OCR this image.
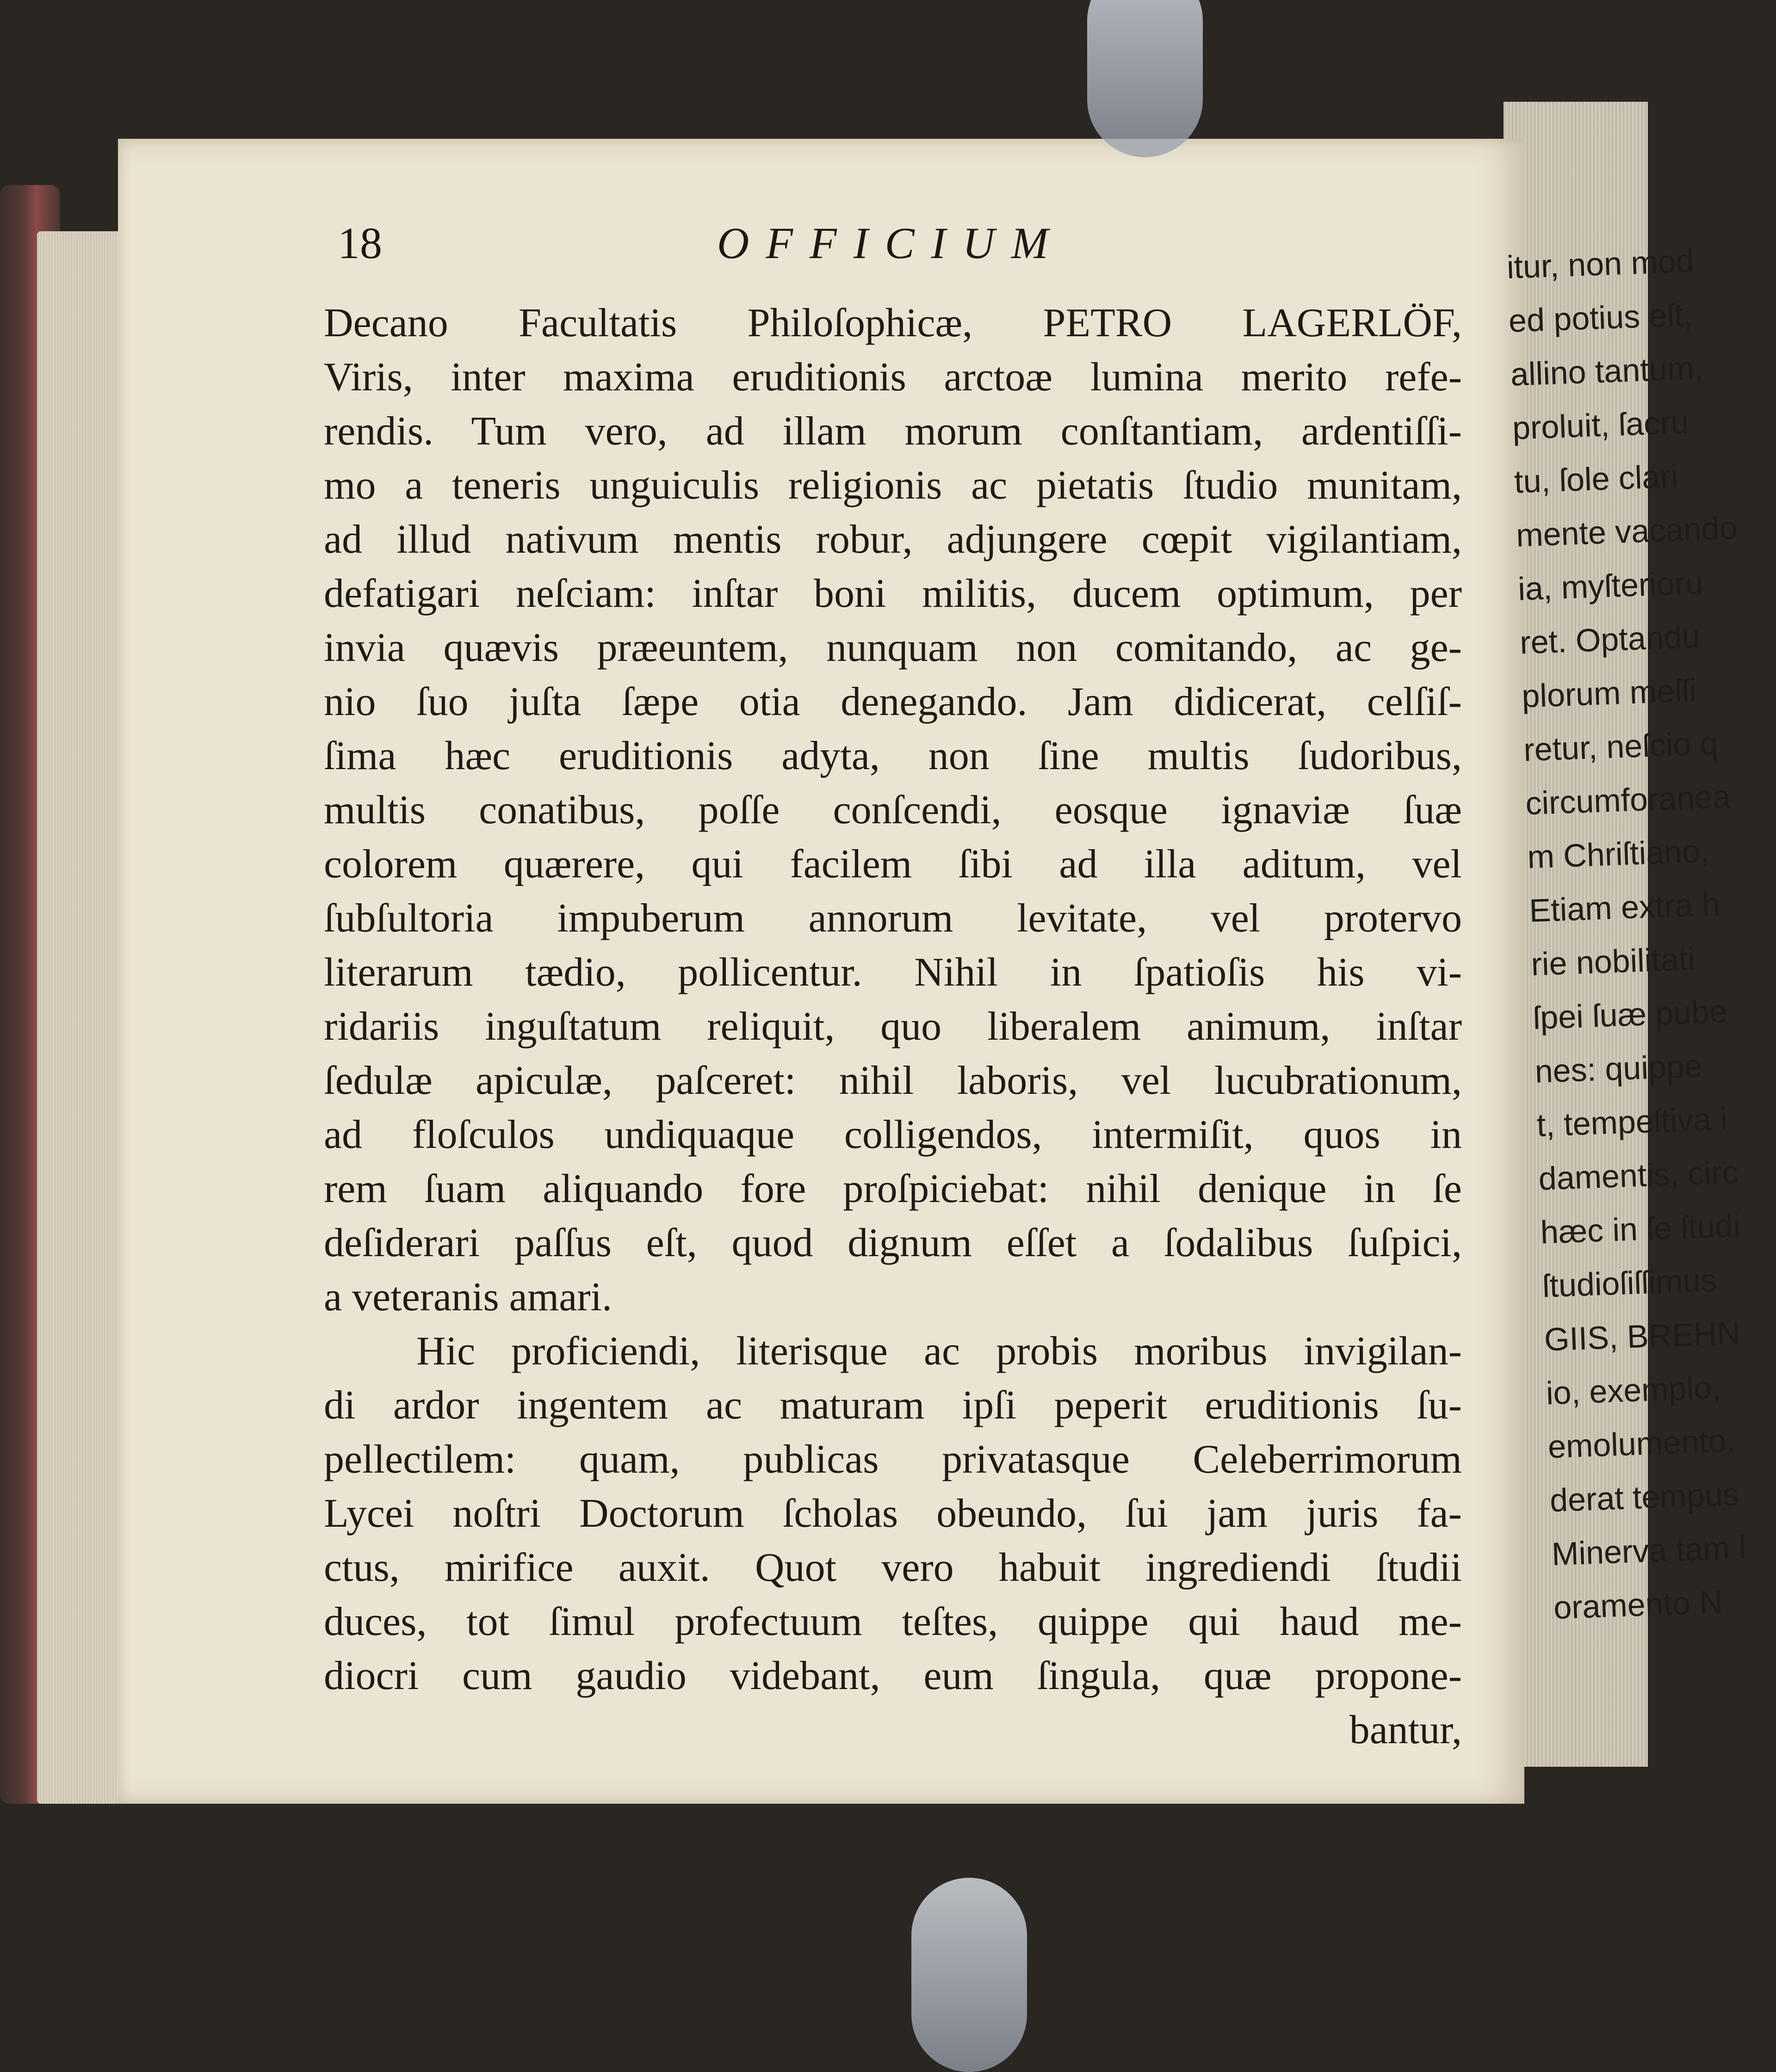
18	OFFICIUM
Decano Facultatis Philoſophicæ, PETRO LAGERLÖF,
Viris, inter maxima eruditionis arctoæ lumina merito refe-
rendis. Tum vero, ad illam morum conſtantiam, ardentiſſi-
mo a teneris unguiculis religionis ac pietatis ſtudio munitam,
ad illud nativum mentis robur, adjungere cœpit vigilantiam,
defatigari neſciam: inſtar boni militis, ducem optimum, per
invia quævis præeuntem, nunquam non comitando, ac ge-
nio ſuo juſta ſæpe otia denegando. Jam didicerat, celſiſ-
ſima hæc eruditionis adyta, non ſine multis ſudoribus,
multis conatibus, poſſe conſcendi, eosque ignaviæ ſuæ
colorem quærere, qui facilem ſibi ad illa aditum, vel
ſubſultoria impuberum annorum levitate, vel protervo
literarum tædio, pollicentur. Nihil in ſpatioſis his vi-
ridariis inguſtatum reliquit, quo liberalem animum, inſtar
ſedulæ apiculæ, paſceret: nihil laboris, vel lucubrationum,
ad floſculos undiquaque colligendos, intermiſit, quos in
rem ſuam aliquando fore proſpiciebat: nihil denique in ſe
deſiderari paſſus eſt, quod dignum eſſet a ſodalibus ſuſpici,
a veteranis amari.
Hic proficiendi, literisque ac probis moribus invigilan-
di ardor ingentem ac maturam ipſi peperit eruditionis ſu-
pellectilem: quam, publicas privatasque Celeberrimorum
Lycei noſtri Doctorum ſcholas obeundo, ſui jam juris fa-
ctus, mirifice auxit. Quot vero habuit ingrediendi ſtudii
duces, tot ſimul profectuum teſtes, quippe qui haud me-
diocri cum gaudio videbant, eum ſingula, quæ propone-
bantur,
itur, non mod
ed potius eſt,
allino tantum,
proluit, ſacru
tu, ſole clari
mente vacando
ia, myſterioru
ret. Optandu
plorum meſſi
retur, neſcio q
circumforanea
m Chriſtiano,
Etiam extra h
rie nobilitati
ſpei ſuæ pube
nes: quippe
t, tempeſtiva i
damentis, circ
hæc in ſe ſtudi
ſtudioſiſſimus
GIIS, BREHN
io, exemplo,
emolumento.
derat tempus
Minerva tam l
oramento N
